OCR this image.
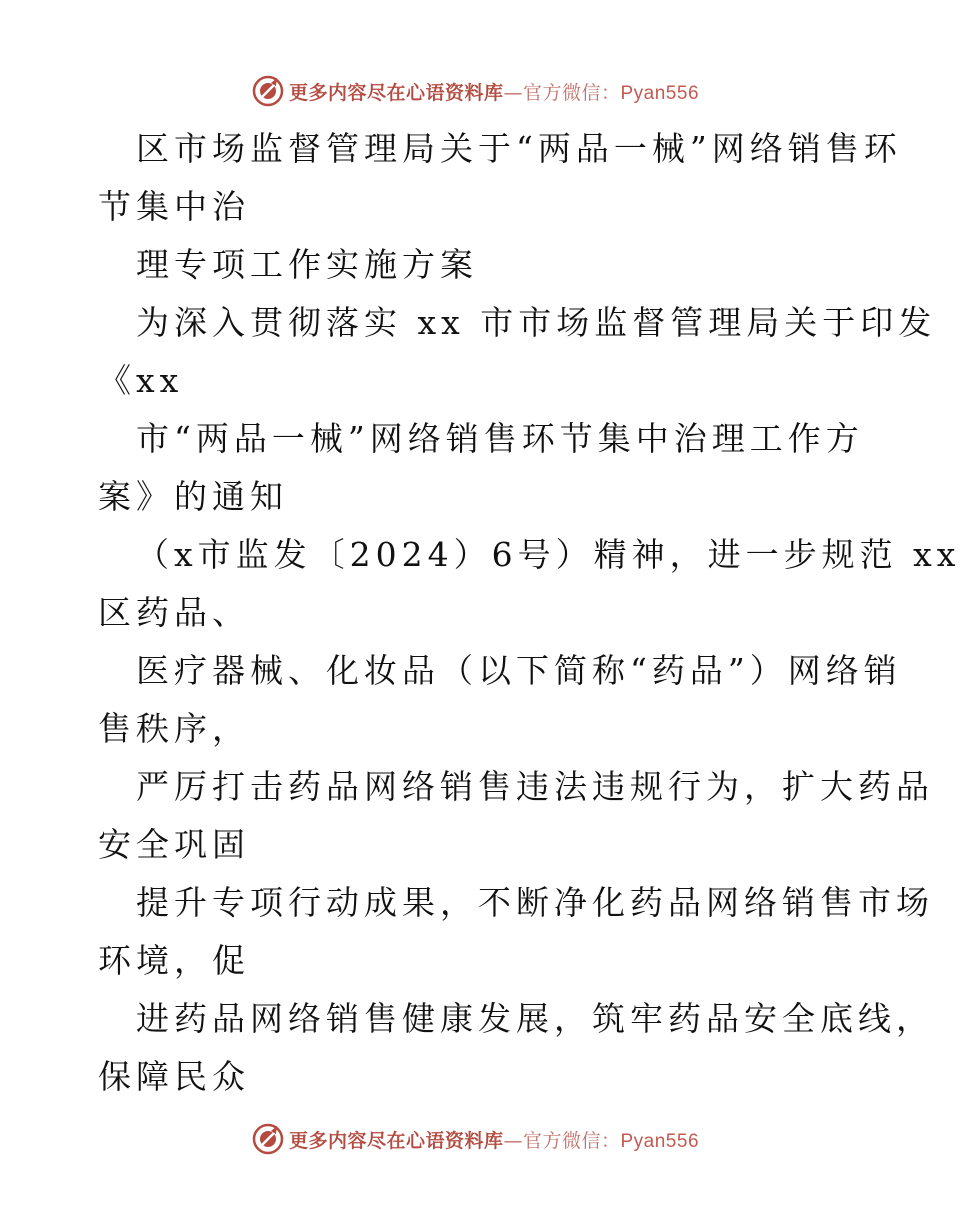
更多内容尽在心语资料库—官方微信：Pyan556
区市场监督管理局关于“两品一械”网络销售环
节集中治
理专项工作实施方案
为深入贯彻落实 xx 市市场监督管理局关于印发
《xx
市“两品一械”网络销售环节集中治理工作方
案》的通知
（x市监发〔2024）6号）精神，进一步规范 xx
区药品、
医疗器械、化妆品（以下简称“药品”）网络销
售秩序，
严厉打击药品网络销售违法违规行为，扩大药品
安全巩固
提升专项行动成果，不断净化药品网络销售市场
环境，促
进药品网络销售健康发展，筑牢药品安全底线，
保障民众
更多内容尽在心语资料库—官方微信：Pyan556
